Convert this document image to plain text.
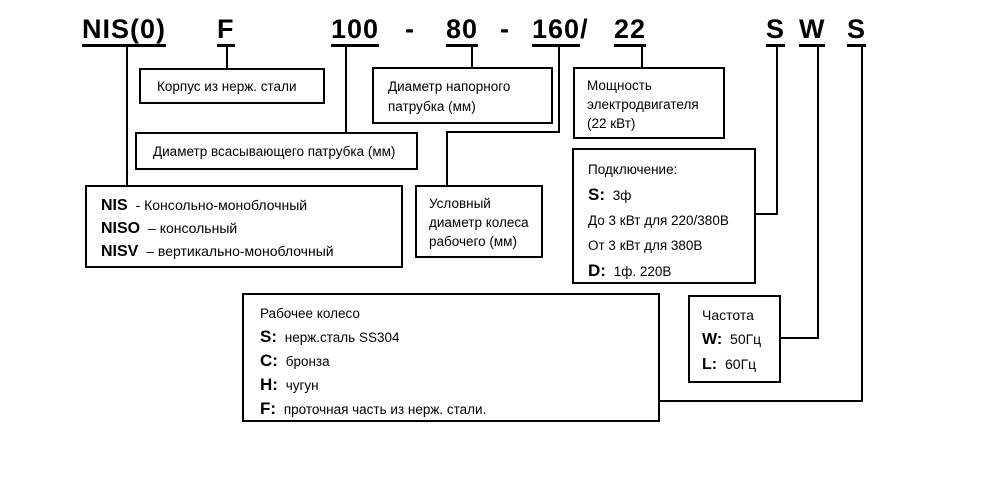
NIS(0) F	100 - 80 - 160 / 22	S W S
Корпус из нерж. стали	Диаметр напорного
патрубка (мм)
Диаметр всасывающего патрубка (мм)
Мощность
электродвигателя
(22 кВт)
NIS - Консольно-моноблочный
NISO – консольный
NISV – вертикально-моноблочный
Условный
диаметр колеса
рабочего (мм)
Подключение:
S: 3ф
До 3 кВт для 220/380В
От 3 кВт для 380В
D: 1ф. 220В
Рабочее колесо
S: нерж.сталь SS304
C: бронза
H: чугун
F: проточная часть из нерж. стали.
Частота
W: 50Гц
L: 60Гц
